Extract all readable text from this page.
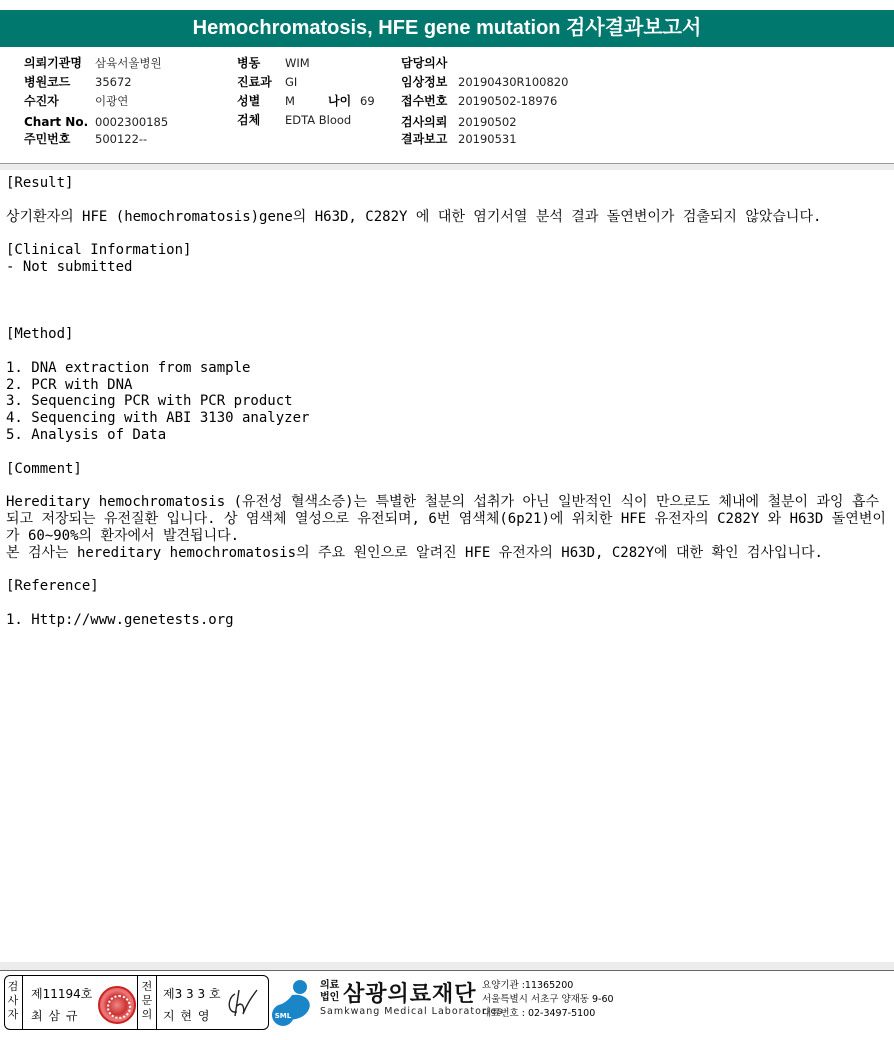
Hemochromatosis, HFE gene mutation 검사결과보고서
의뢰기관명 삼육서울병원
병원코드 35672
수진자	이광연
Chart No. 0002300185
주민번호 500122--
병동 WIM
진료과 GI
성별 M	나이 69
검체 EDTA Blood
담당의사
임상정보 20190430R100820
접수번호 20190502-18976
검사의뢰 20190502
결과보고 20190531
[Result]
상기환자의 HFE (hemochromatosis)gene의 H63D, C282Y 에 대한 염기서열 분석 결과 돌연변이가 검출되지 않았습니다.
[Clinical Information]
- Not submitted
[Method]
1. DNA extraction from sample
2. PCR with DNA
3. Sequencing PCR with PCR product
4. Sequencing with ABI 3130 analyzer
5. Analysis of Data
[Comment]
Hereditary hemochromatosis (유전성 혈색소증)는 특별한 철분의 섭취가 아닌 일반적인 식이 만으로도 체내에 철분이 과잉 흡수되고 저장되는 유전질환 입니다. 상 염색체 열성으로 유전되며, 6번 염색체(6p21)에 위치한 HFE 유전자의 C282Y 와 H63D 돌연변이가 60~90%의 환자에서 발견됩니다.
본 검사는 hereditary hemochromatosis의 주요 원인으로 알려진 HFE 유전자의 H63D, C282Y에 대한 확인 검사입니다.
[Reference]
1. Http://www.genetests.org
검사자
제11194호
최 삼 규
전문의
제3 3 3 호
지 현 영	SML
의료
법인 삼광의료재단
Samkwang Medical Laboratories
요양기관 :11365200
서울특별시 서초구 양재동 9-60
대표번호 : 02-3497-5100
